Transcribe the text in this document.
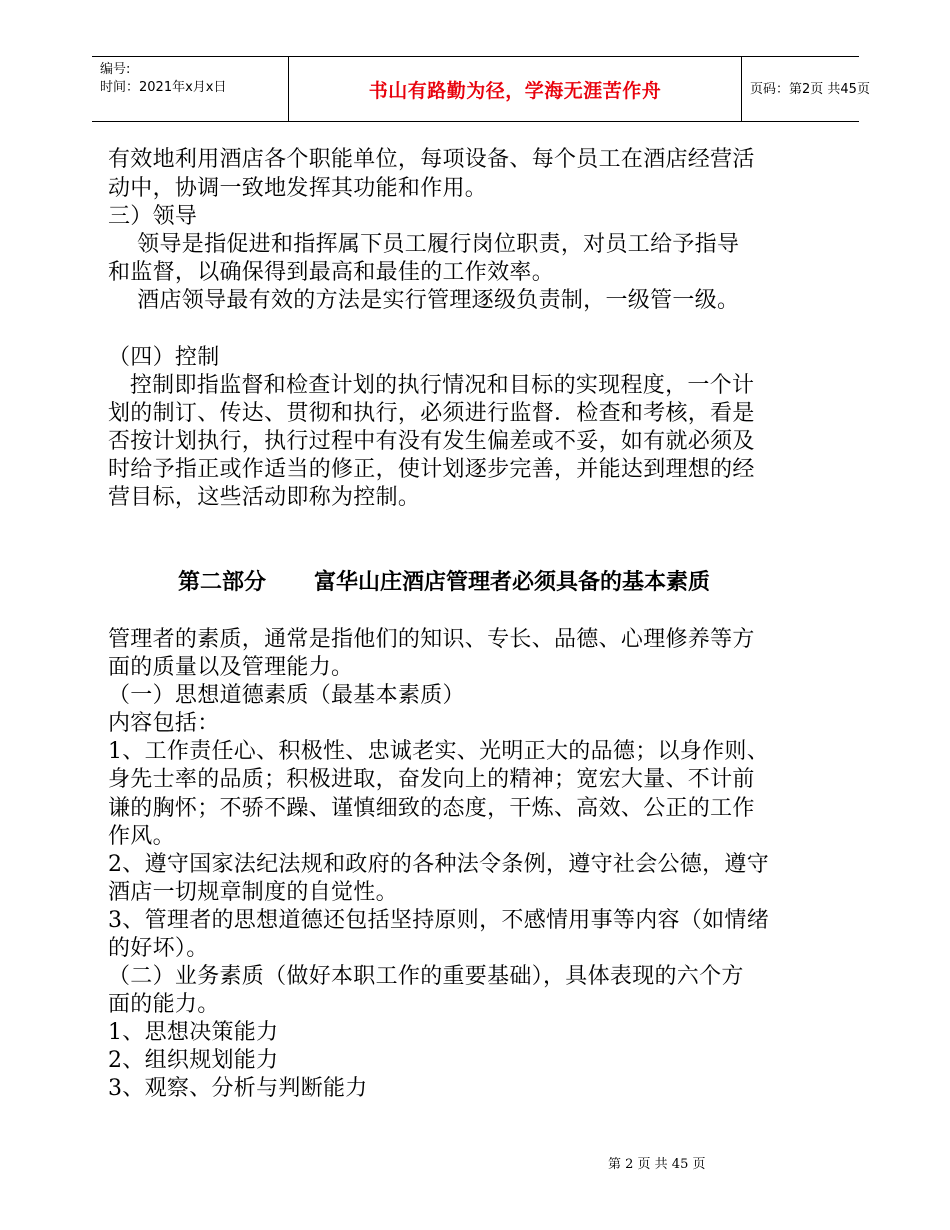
编号:
时间：2021年x月x日	书山有路勤为径，学海无涯苦作舟	页码：第2页 共45页
有效地利用酒店各个职能单位，每项设备、每个员工在酒店经营活
动中，协调一致地发挥其功能和作用。
三）领导
领导是指促进和指挥属下员工履行岗位职责，对员工给予指导
和监督，以确保得到最高和最佳的工作效率。
酒店领导最有效的方法是实行管理逐级负责制，一级管一级。
（四）控制
控制即指监督和检查计划的执行情况和目标的实现程度，一个计
划的制订、传达、贯彻和执行，必须进行监督．检查和考核，看是
否按计划执行，执行过程中有没有发生偏差或不妥，如有就必须及
时给予指正或作适当的修正，使计划逐步完善，并能达到理想的经
营目标，这些活动即称为控制。
第二部分 富华山庄酒店管理者必须具备的基本素质
管理者的素质，通常是指他们的知识、专长、品德、心理修养等方
面的质量以及管理能力。
（一）思想道德素质（最基本素质）
内容包括：
1、工作责任心、积极性、忠诚老实、光明正大的品德；以身作则、
身先士率的品质；积极进取，奋发向上的精神；宽宏大量、不计前
谦的胸怀；不骄不躁、谨慎细致的态度，干炼、高效、公正的工作
作风。
2、遵守国家法纪法规和政府的各种法令条例，遵守社会公德，遵守
酒店一切规章制度的自觉性。
3、管理者的思想道德还包括坚持原则，不感情用事等内容（如情绪
的好坏）。
（二）业务素质（做好本职工作的重要基础），具体表现的六个方
面的能力。
1、思想决策能力
2、组织规划能力
3、观察、分析与判断能力
第 2 页 共 45 页
